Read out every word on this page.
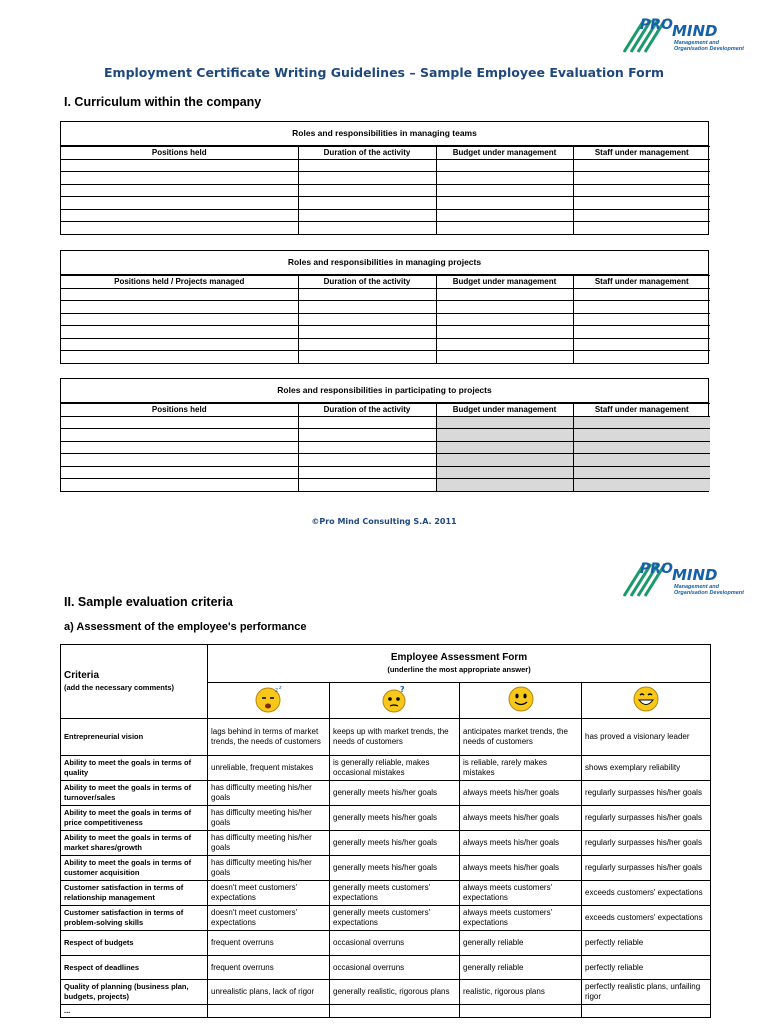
PRO MIND
Management and
Organisation Development
Employment Certificate Writing Guidelines – Sample Employee Evaluation Form
I. Curriculum within the company
Roles and responsibilities in managing teams
Positions held	Duration of the activity	Budget under management	Staff under management

Roles and responsibilities in managing projects
Positions held / Projects managed	Duration of the activity	Budget under management	Staff under management

Roles and responsibilities in participating to projects
Positions held	Duration of the activity	Budget under management	Staff under management

©Pro Mind Consulting S.A. 2011
PRO MIND
Management and
Organisation Development
II. Sample evaluation criteria
a) Assessment of the employee's performance
Criteria
(add the necessary comments)	Employee Assessment Form
(underline the most appropriate answer)			

z z	?

Entrepreneurial vision	lags behind in terms of market trends, the needs of customers	keeps up with market trends, the needs of customers	anticipates market trends, the needs of customers	has proved a visionary leader
Ability to meet the goals in terms of quality	unreliable, frequent mistakes	is generally reliable, makes occasional mistakes	is reliable, rarely makes mistakes	shows exemplary reliability
Ability to meet the goals in terms of turnover/sales	has difficulty meeting his/her goals	generally meets his/her goals	always meets his/her goals	regularly surpasses his/her goals
Ability to meet the goals in terms of price competitiveness	has difficulty meeting his/her goals	generally meets his/her goals	always meets his/her goals	regularly surpasses his/her goals
Ability to meet the goals in terms of market shares/growth	has difficulty meeting his/her goals	generally meets his/her goals	always meets his/her goals	regularly surpasses his/her goals
Ability to meet the goals in terms of customer acquisition	has difficulty meeting his/her goals	generally meets his/her goals	always meets his/her goals	regularly surpasses his/her goals
Customer satisfaction in terms of relationship management	doesn't meet customers' expectations	generally meets customers' expectations	always meets customers' expectations	exceeds customers' expectations
Customer satisfaction in terms of problem-solving skills	doesn't meet customers' expectations	generally meets customers' expectations	always meets customers' expectations	exceeds customers' expectations
Respect of budgets	frequent overruns	occasional overruns	generally reliable	perfectly reliable
Respect of deadlines	frequent overruns	occasional overruns	generally reliable	perfectly reliable
Quality of planning (business plan, budgets, projects)	unrealistic plans, lack of rigor	generally realistic, rigorous plans	realistic, rigorous plans	perfectly realistic plans, unfailing rigor
...				
